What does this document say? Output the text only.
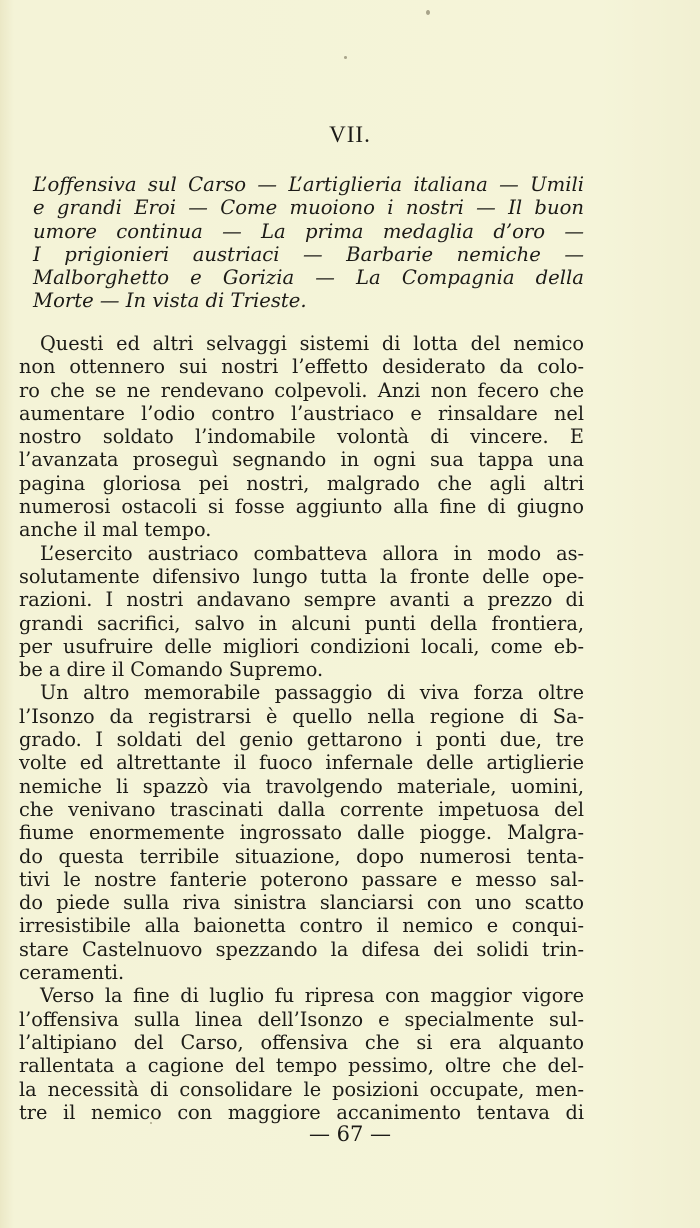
VII.

L’offensiva sul Carso — L’artiglieria italiana — Umili
e grandi Eroi — Come muoiono i nostri — Il buon
umore continua — La prima medaglia d’oro —
I prigionieri austriaci — Barbarie nemiche —
Malborghetto e Gorizia — La Compagnia della
Morte — In vista di Trieste.

Questi ed altri selvaggi sistemi di lotta del nemico
non ottennero sui nostri l’effetto desiderato da colo-
ro che se ne rendevano colpevoli. Anzi non fecero che
aumentare l’odio contro l’austriaco e rinsaldare nel
nostro soldato l’indomabile volontà di vincere. E
l’avanzata proseguì segnando in ogni sua tappa una
pagina gloriosa pei nostri, malgrado che agli altri
numerosi ostacoli si fosse aggiunto alla fine di giugno
anche il mal tempo.
L’esercito austriaco combatteva allora in modo as-
solutamente difensivo lungo tutta la fronte delle ope-
razioni. I nostri andavano sempre avanti a prezzo di
grandi sacrifici, salvo in alcuni punti della frontiera,
per usufruire delle migliori condizioni locali, come eb-
be a dire il Comando Supremo.
Un altro memorabile passaggio di viva forza oltre
l’Isonzo da registrarsi è quello nella regione di Sa-
grado. I soldati del genio gettarono i ponti due, tre
volte ed altrettante il fuoco infernale delle artiglierie
nemiche li spazzò via travolgendo materiale, uomini,
che venivano trascinati dalla corrente impetuosa del
fiume enormemente ingrossato dalle piogge. Malgra-
do questa terribile situazione, dopo numerosi tenta-
tivi le nostre fanterie poterono passare e messo sal-
do piede sulla riva sinistra slanciarsi con uno scatto
irresistibile alla baionetta contro il nemico e conqui-
stare Castelnuovo spezzando la difesa dei solidi trin-
ceramenti.
Verso la fine di luglio fu ripresa con maggior vigore
l’offensiva sulla linea dell’Isonzo e specialmente sul-
l’altipiano del Carso, offensiva che si era alquanto
rallentata a cagione del tempo pessimo, oltre che del-
la necessità di consolidare le posizioni occupate, men-
tre il nemico con maggiore accanimento tentava di
— 67 —
